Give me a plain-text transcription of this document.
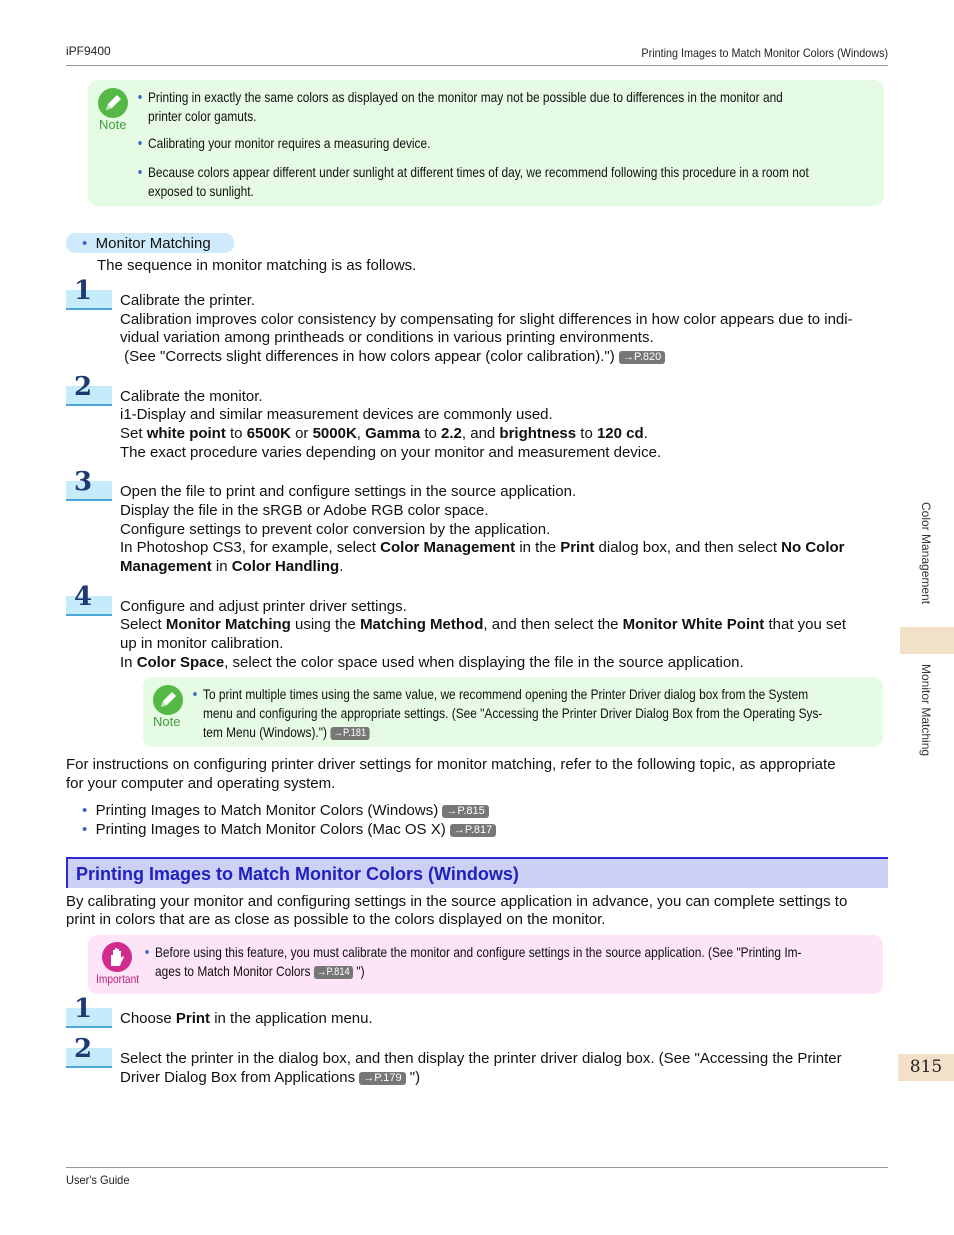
iPF9400	Printing Images to Match Monitor Colors (Windows)
Note
• Printing in exactly the same colors as displayed on the monitor may not be possible due to differences in the monitor and
printer color gamuts.
• Calibrating your monitor requires a measuring device.
• Because colors appear different under sunlight at different times of day, we recommend following this procedure in a room not
exposed to sunlight.
• Monitor Matching
The sequence in monitor matching is as follows.
1 Calibrate the printer.
Calibration improves color consistency by compensating for slight differences in how color appears due to indi-
vidual variation among printheads or conditions in various printing environments.
(See "Corrects slight differences in how colors appear (color calibration).") →P.820
2 Calibrate the monitor.
i1-Display and similar measurement devices are commonly used.
Set white point to 6500K or 5000K, Gamma to 2.2, and brightness to 120 cd.
The exact procedure varies depending on your monitor and measurement device.
3 Open the file to print and configure settings in the source application.
Display the file in the sRGB or Adobe RGB color space.
Configure settings to prevent color conversion by the application.
In Photoshop CS3, for example, select Color Management in the Print dialog box, and then select No Color
Management in Color Handling.
4 Configure and adjust printer driver settings.
Select Monitor Matching using the Matching Method, and then select the Monitor White Point that you set
up in monitor calibration.
In Color Space, select the color space used when displaying the file in the source application.
Note
• To print multiple times using the same value, we recommend opening the Printer Driver dialog box from the System
menu and configuring the appropriate settings. (See "Accessing the Printer Driver Dialog Box from the Operating Sys-
tem Menu (Windows).") →P.181
For instructions on configuring printer driver settings for monitor matching, refer to the following topic, as appropriate
for your computer and operating system.
• Printing Images to Match Monitor Colors (Windows) →P.815
• Printing Images to Match Monitor Colors (Mac OS X) →P.817
Printing Images to Match Monitor Colors (Windows)
By calibrating your monitor and configuring settings in the source application in advance, you can complete settings to
print in colors that are as close as possible to the colors displayed on the monitor.
Important
• Before using this feature, you must calibrate the monitor and configure settings in the source application. (See "Printing Im-
ages to Match Monitor Colors →P.814 ")
1 Choose Print in the application menu.
2 Select the printer in the dialog box, and then display the printer driver dialog box. (See "Accessing the Printer
Driver Dialog Box from Applications →P.179 ")
Color Management
Monitor Matching
815
User's Guide
